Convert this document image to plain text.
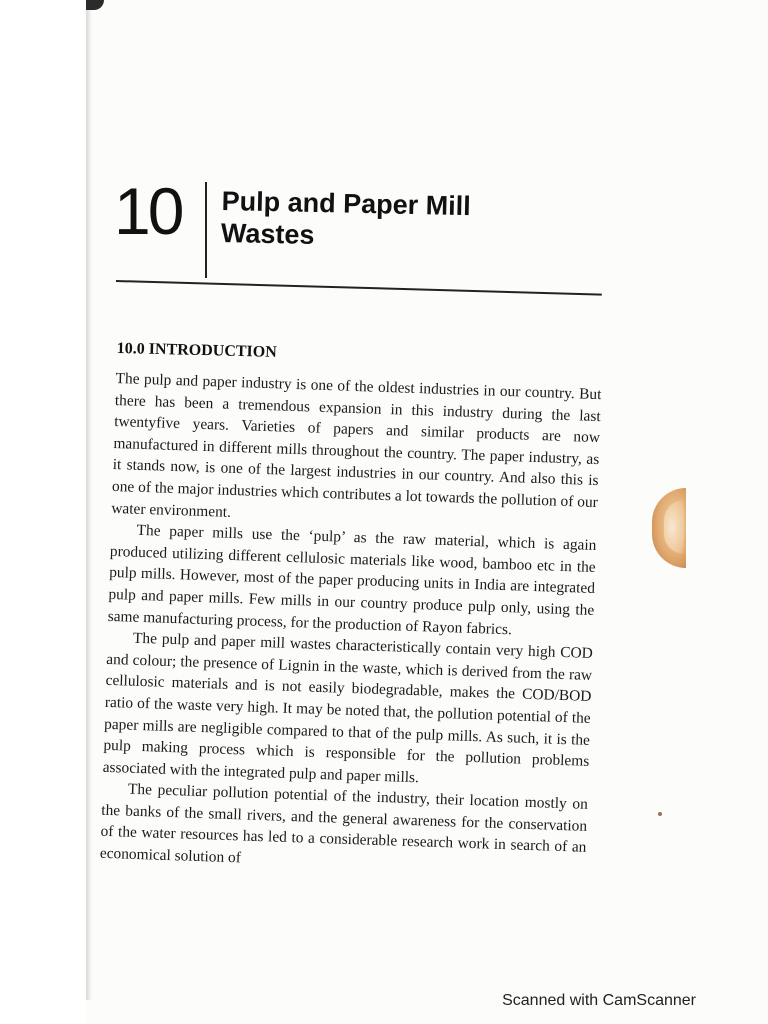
10 Pulp and Paper Mill Wastes
10.0 INTRODUCTION

The pulp and paper industry is one of the oldest industries in our country. But there has been a tremendous expansion in this industry during the last twentyfive years. Varieties of papers and similar products are now manufactured in different mills throughout the country. The paper industry, as it stands now, is one of the largest industries in our country. And also this is one of the major industries which contributes a lot towards the pollution of our water environment.

The paper mills use the ‘pulp’ as the raw material, which is again produced utilizing different cellulosic materials like wood, bamboo etc in the pulp mills. However, most of the paper producing units in India are integrated pulp and paper mills. Few mills in our country produce pulp only, using the same manufacturing process, for the production of Rayon fabrics.

The pulp and paper mill wastes characteristically contain very high COD and colour; the presence of Lignin in the waste, which is derived from the raw cellulosic materials and is not easily biodegradable, makes the COD/BOD ratio of the waste very high. It may be noted that, the pollution potential of the paper mills are negligible compared to that of the pulp mills. As such, it is the pulp making process which is responsible for the pollution problems associated with the integrated pulp and paper mills.

The peculiar pollution potential of the industry, their location mostly on the banks of the small rivers, and the general awareness for the conservation of the water resources has led to a considerable research work in search of an economical solution of

Scanned with CamScanner
